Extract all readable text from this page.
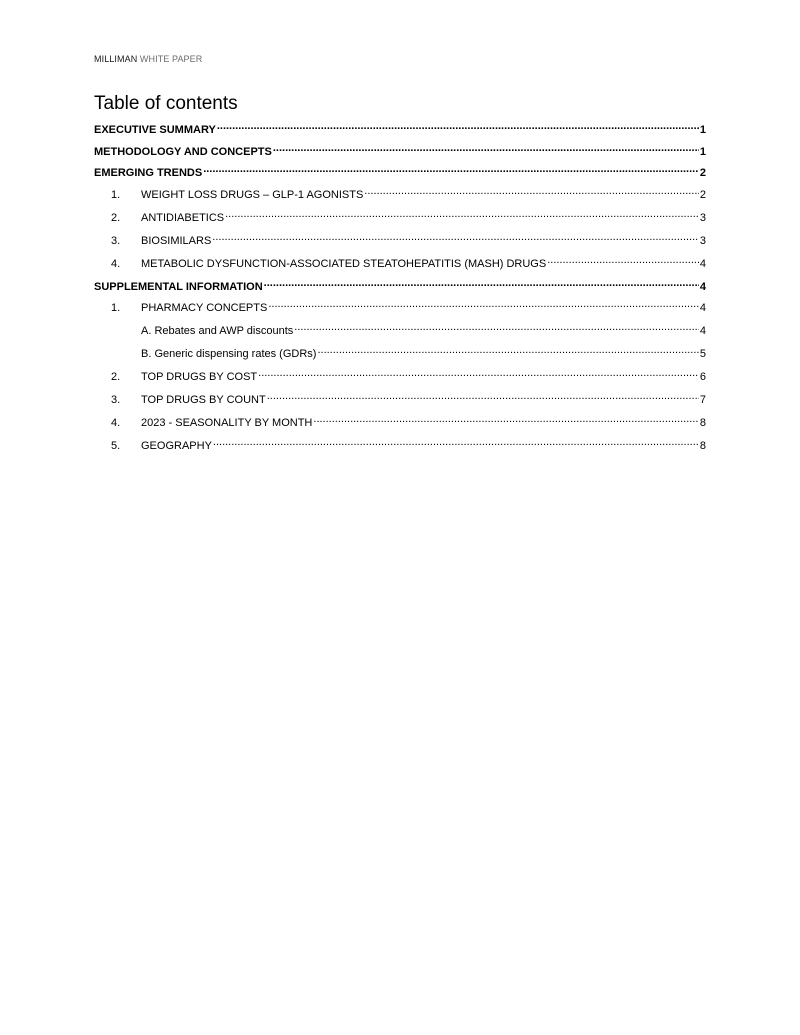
MILLIMAN WHITE PAPER
Table of contents
EXECUTIVE SUMMARY .....	1
METHODOLOGY AND CONCEPTS .....	1
EMERGING TRENDS .....	2
1.	WEIGHT LOSS DRUGS – GLP-1 AGONISTS .....	2
2.	ANTIDIABETICS .....	3
3.	BIOSIMILARS .....	3
4.	METABOLIC DYSFUNCTION-ASSOCIATED STEATOHEPATITIS (MASH) DRUGS .....	4
SUPPLEMENTAL INFORMATION .....	4
1.	PHARMACY CONCEPTS .....	4
A. Rebates and AWP discounts .....	4
B. Generic dispensing rates (GDRs) .....	5
2.	TOP DRUGS BY COST .....	6
3.	TOP DRUGS BY COUNT .....	7
4.	2023 - SEASONALITY BY MONTH .....	8
5.	GEOGRAPHY .....	8
